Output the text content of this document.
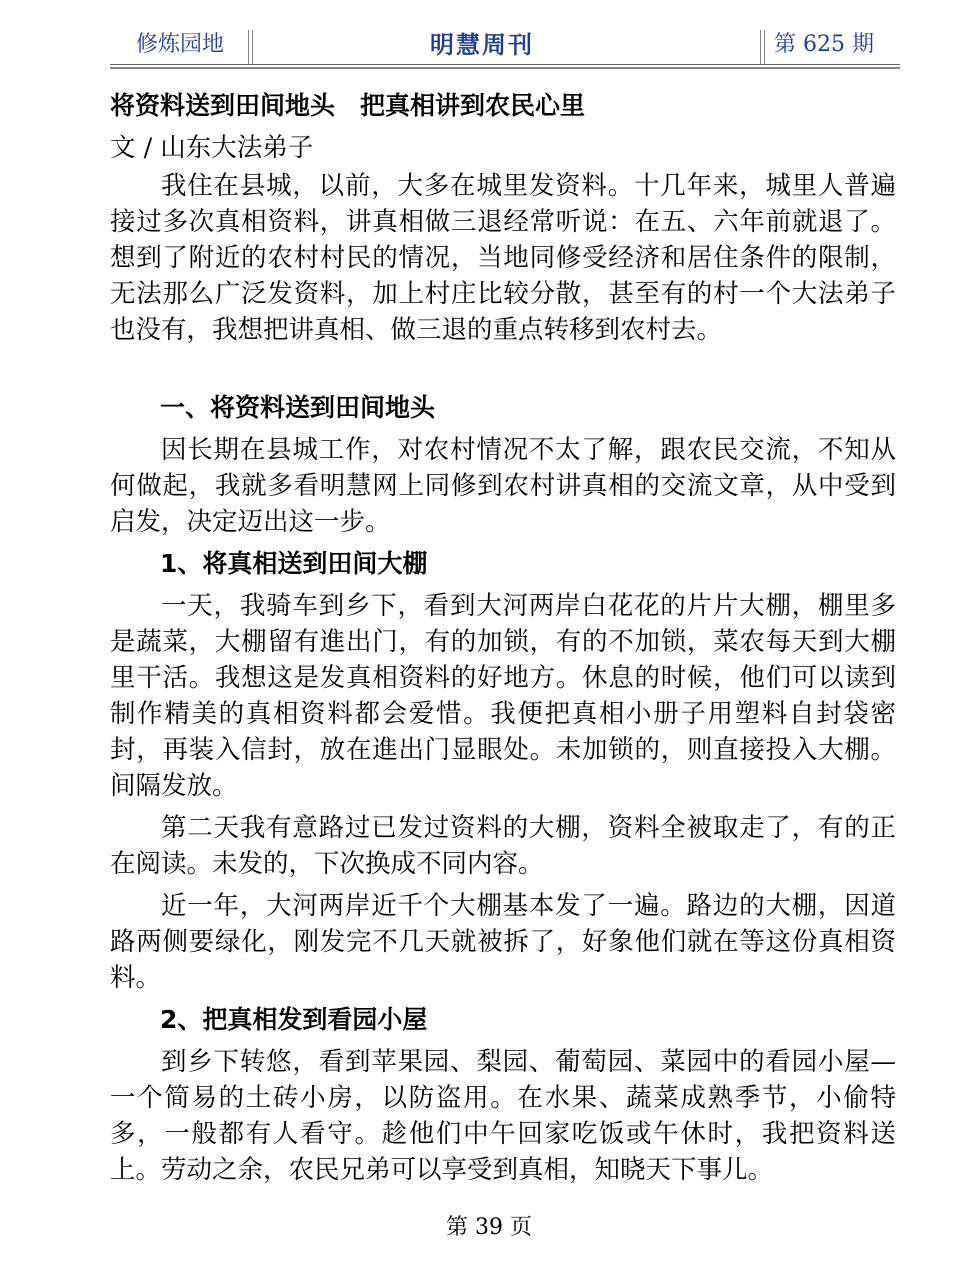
修炼园地	明慧周刊	第 625 期

将资料送到田间地头　把真相讲到农民心里

文 / 山东大法弟子

我住在县城，以前，大多在城里发资料。十几年来，城里人普遍接过多次真相资料，讲真相做三退经常听说：在五、六年前就退了。想到了附近的农村村民的情况，当地同修受经济和居住条件的限制，无法那么广泛发资料，加上村庄比较分散，甚至有的村一个大法弟子也没有，我想把讲真相、做三退的重点转移到农村去。

一、将资料送到田间地头

因长期在县城工作，对农村情况不太了解，跟农民交流，不知从何做起，我就多看明慧网上同修到农村讲真相的交流文章，从中受到启发，决定迈出这一步。

1、将真相送到田间大棚

一天，我骑车到乡下，看到大河两岸白花花的片片大棚，棚里多是蔬菜，大棚留有進出门，有的加锁，有的不加锁，菜农每天到大棚里干活。我想这是发真相资料的好地方。休息的时候，他们可以读到制作精美的真相资料都会爱惜。我便把真相小册子用塑料自封袋密封，再装入信封，放在進出门显眼处。未加锁的，则直接投入大棚。间隔发放。

第二天我有意路过已发过资料的大棚，资料全被取走了，有的正在阅读。未发的，下次换成不同内容。

近一年，大河两岸近千个大棚基本发了一遍。路边的大棚，因道路两侧要绿化，刚发完不几天就被拆了，好象他们就在等这份真相资料。

2、把真相发到看园小屋

到乡下转悠，看到苹果园、梨园、葡萄园、菜园中的看园小屋—一个简易的土砖小房，以防盗用。在水果、蔬菜成熟季节，小偷特多，一般都有人看守。趁他们中午回家吃饭或午休时，我把资料送上。劳动之余，农民兄弟可以享受到真相，知晓天下事儿。

第 39 页
